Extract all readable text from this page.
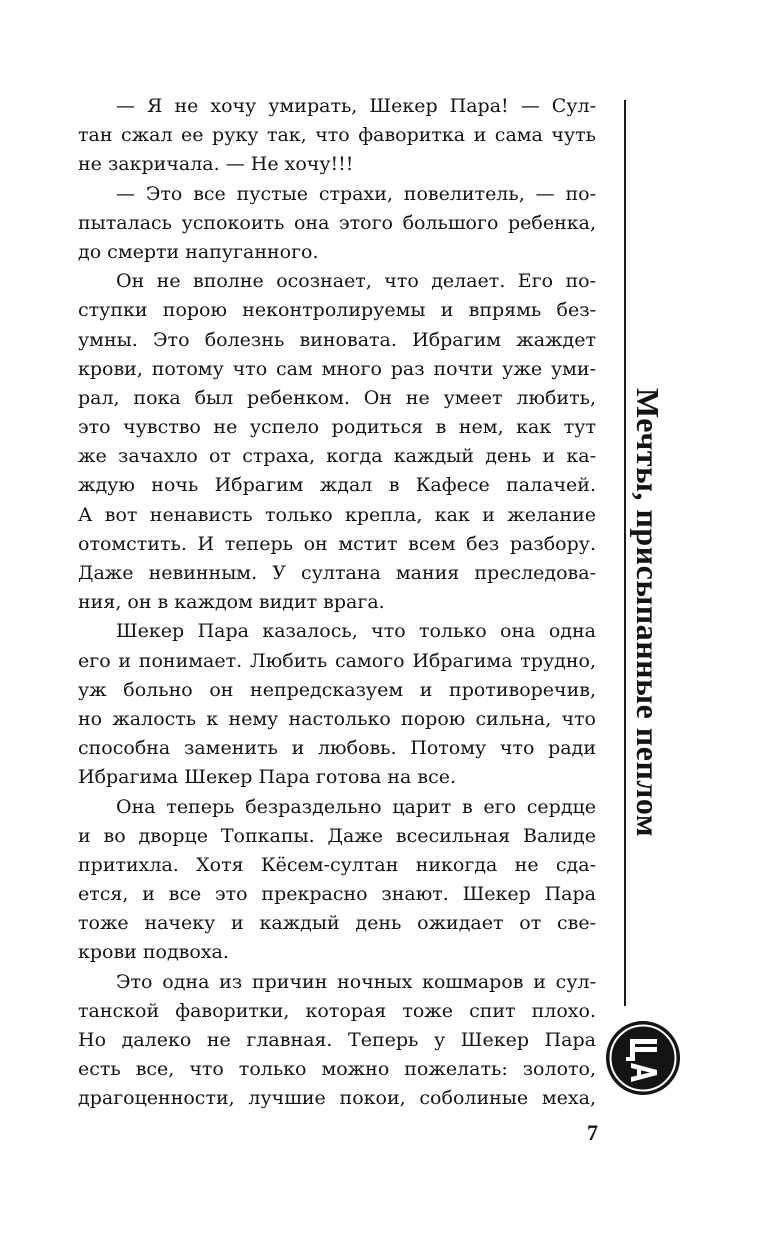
— Я не хочу умирать, Шекер Пара! — Сул-
тан сжал ее руку так, что фаворитка и сама чуть
не закричала. — Не хочу!!!

— Это все пустые страхи, повелитель, — по-
пыталась успокоить она этого большого ребенка,
до смерти напуганного.

Он не вполне осознает, что делает. Его по-
ступки порою неконтролируемы и впрямь без-
умны. Это болезнь виновата. Ибрагим жаждет
крови, потому что сам много раз почти уже уми-
рал, пока был ребенком. Он не умеет любить,
это чувство не успело родиться в нем, как тут
же зачахло от страха, когда каждый день и ка-
ждую ночь Ибрагим ждал в Кафесе палачей.
А вот ненависть только крепла, как и желание
отомстить. И теперь он мстит всем без разбору.
Даже невинным. У султана мания преследова-
ния, он в каждом видит врага.

Шекер Пара казалось, что только она одна
его и понимает. Любить самого Ибрагима трудно,
уж больно он непредсказуем и противоречив,
но жалость к нему настолько порою сильна, что
способна заменить и любовь. Потому что ради
Ибрагима Шекер Пара готова на все.

Она теперь безраздельно царит в его сердце
и во дворце Топкапы. Даже всесильная Валиде
притихла. Хотя Кёсем-султан никогда не сда-
ется, и все это прекрасно знают. Шекер Пара
тоже начеку и каждый день ожидает от све-
крови подвоха.

Это одна из причин ночных кошмаров и сул-
танской фаворитки, которая тоже спит плохо.
Но далеко не главная. Теперь у Шекер Пара
есть все, что только можно пожелать: золото,
драгоценности, лучшие покои, соболиные меха,

Мечты, присыпанные пеплом
7
